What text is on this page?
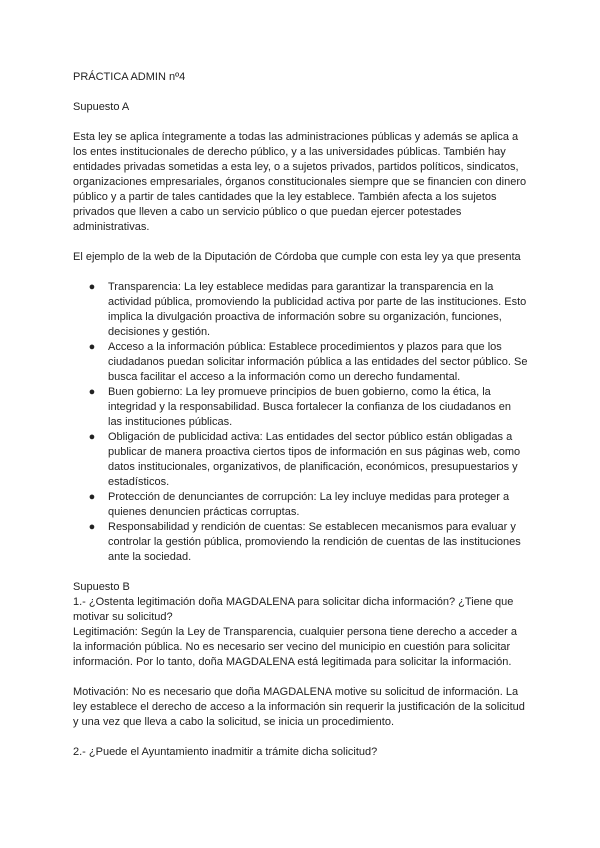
PRÁCTICA ADMIN nº4

Supuesto A

Esta ley se aplica íntegramente a todas las administraciones públicas y además se aplica a los entes institucionales de derecho público, y a las universidades públicas. También hay entidades privadas sometidas a esta ley, o a sujetos privados, partidos políticos, sindicatos, organizaciones empresariales, órganos constitucionales siempre que se financien con dinero público y a partir de tales cantidades que la ley establece. También afecta a los sujetos privados que lleven a cabo un servicio público o que puedan ejercer potestades administrativas.

El ejemplo de la web de la Diputación de Córdoba que cumple con esta ley ya que presenta

● Transparencia: La ley establece medidas para garantizar la transparencia en la actividad pública, promoviendo la publicidad activa por parte de las instituciones. Esto implica la divulgación proactiva de información sobre su organización, funciones, decisiones y gestión.
● Acceso a la información pública: Establece procedimientos y plazos para que los ciudadanos puedan solicitar información pública a las entidades del sector público. Se busca facilitar el acceso a la información como un derecho fundamental.
● Buen gobierno: La ley promueve principios de buen gobierno, como la ética, la integridad y la responsabilidad. Busca fortalecer la confianza de los ciudadanos en las instituciones públicas.
● Obligación de publicidad activa: Las entidades del sector público están obligadas a publicar de manera proactiva ciertos tipos de información en sus páginas web, como datos institucionales, organizativos, de planificación, económicos, presupuestarios y estadísticos.
● Protección de denunciantes de corrupción: La ley incluye medidas para proteger a quienes denuncien prácticas corruptas.
● Responsabilidad y rendición de cuentas: Se establecen mecanismos para evaluar y controlar la gestión pública, promoviendo la rendición de cuentas de las instituciones ante la sociedad.

Supuesto B

1.- ¿Ostenta legitimación doña MAGDALENA para solicitar dicha información? ¿Tiene que motivar su solicitud?

Legitimación: Según la Ley de Transparencia, cualquier persona tiene derecho a acceder a la información pública. No es necesario ser vecino del municipio en cuestión para solicitar información. Por lo tanto, doña MAGDALENA está legitimada para solicitar la información.

Motivación: No es necesario que doña MAGDALENA motive su solicitud de información. La ley establece el derecho de acceso a la información sin requerir la justificación de la solicitud y una vez que lleva a cabo la solicitud, se inicia un procedimiento.

2.- ¿Puede el Ayuntamiento inadmitir a trámite dicha solicitud?
